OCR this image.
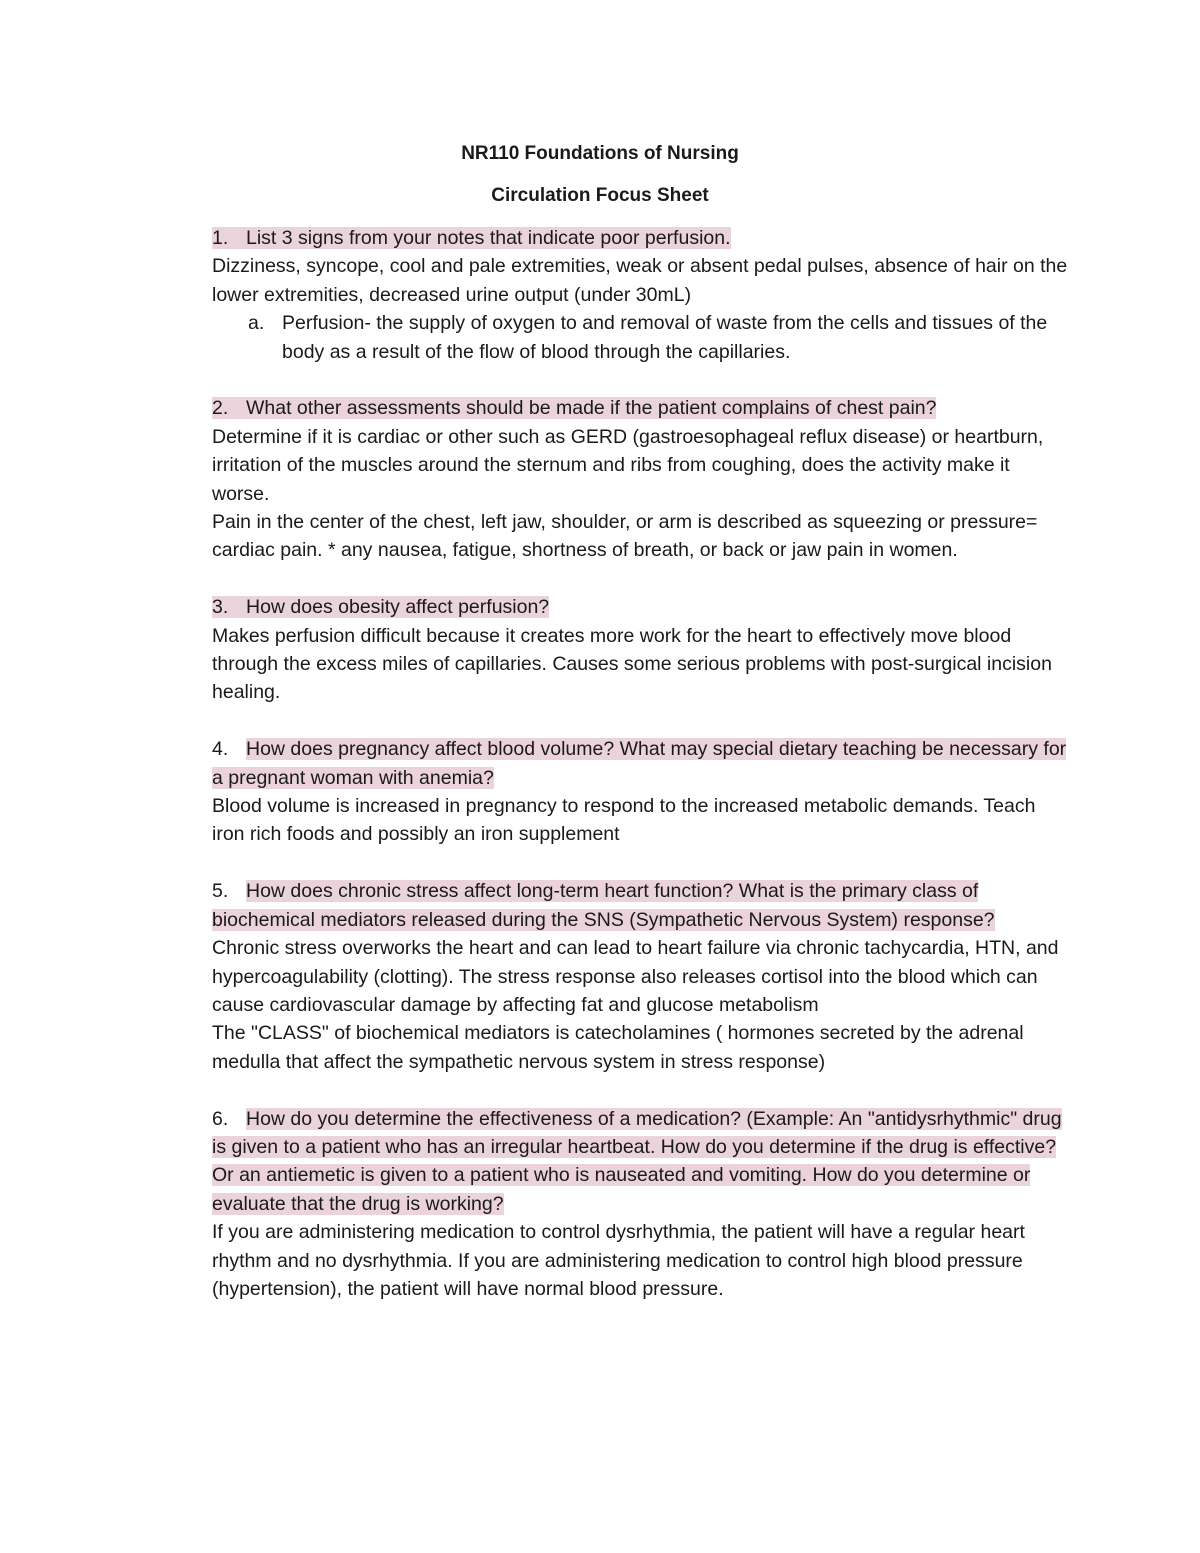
NR110 Foundations of Nursing
Circulation Focus Sheet

1. List 3 signs from your notes that indicate poor perfusion.

Dizziness, syncope, cool and pale extremities, weak or absent pedal pulses, absence of hair on the lower extremities, decreased urine output (under 30mL)

a. Perfusion- the supply of oxygen to and removal of waste from the cells and tissues of the body as a result of the flow of blood through the capillaries.

2. What other assessments should be made if the patient complains of chest pain?

Determine if it is cardiac or other such as GERD (gastroesophageal reflux disease) or heartburn, irritation of the muscles around the sternum and ribs from coughing, does the activity make it worse.

Pain in the center of the chest, left jaw, shoulder, or arm is described as squeezing or pressure= cardiac pain. * any nausea, fatigue, shortness of breath, or back or jaw pain in women.

3. How does obesity affect perfusion?

Makes perfusion difficult because it creates more work for the heart to effectively move blood through the excess miles of capillaries. Causes some serious problems with post-surgical incision healing.

4. How does pregnancy affect blood volume? What may special dietary teaching be necessary for a pregnant woman with anemia?

Blood volume is increased in pregnancy to respond to the increased metabolic demands. Teach iron rich foods and possibly an iron supplement

5. How does chronic stress affect long-term heart function? What is the primary class of biochemical mediators released during the SNS (Sympathetic Nervous System) response?

Chronic stress overworks the heart and can lead to heart failure via chronic tachycardia, HTN, and hypercoagulability (clotting). The stress response also releases cortisol into the blood which can cause cardiovascular damage by affecting fat and glucose metabolism

The "CLASS" of biochemical mediators is catecholamines ( hormones secreted by the adrenal medulla that affect the sympathetic nervous system in stress response)

6. How do you determine the effectiveness of a medication? (Example: An "antidysrhythmic" drug is given to a patient who has an irregular heartbeat. How do you determine if the drug is effective? Or an antiemetic is given to a patient who is nauseated and vomiting. How do you determine or evaluate that the drug is working?

If you are administering medication to control dysrhythmia, the patient will have a regular heart rhythm and no dysrhythmia. If you are administering medication to control high blood pressure (hypertension), the patient will have normal blood pressure.
